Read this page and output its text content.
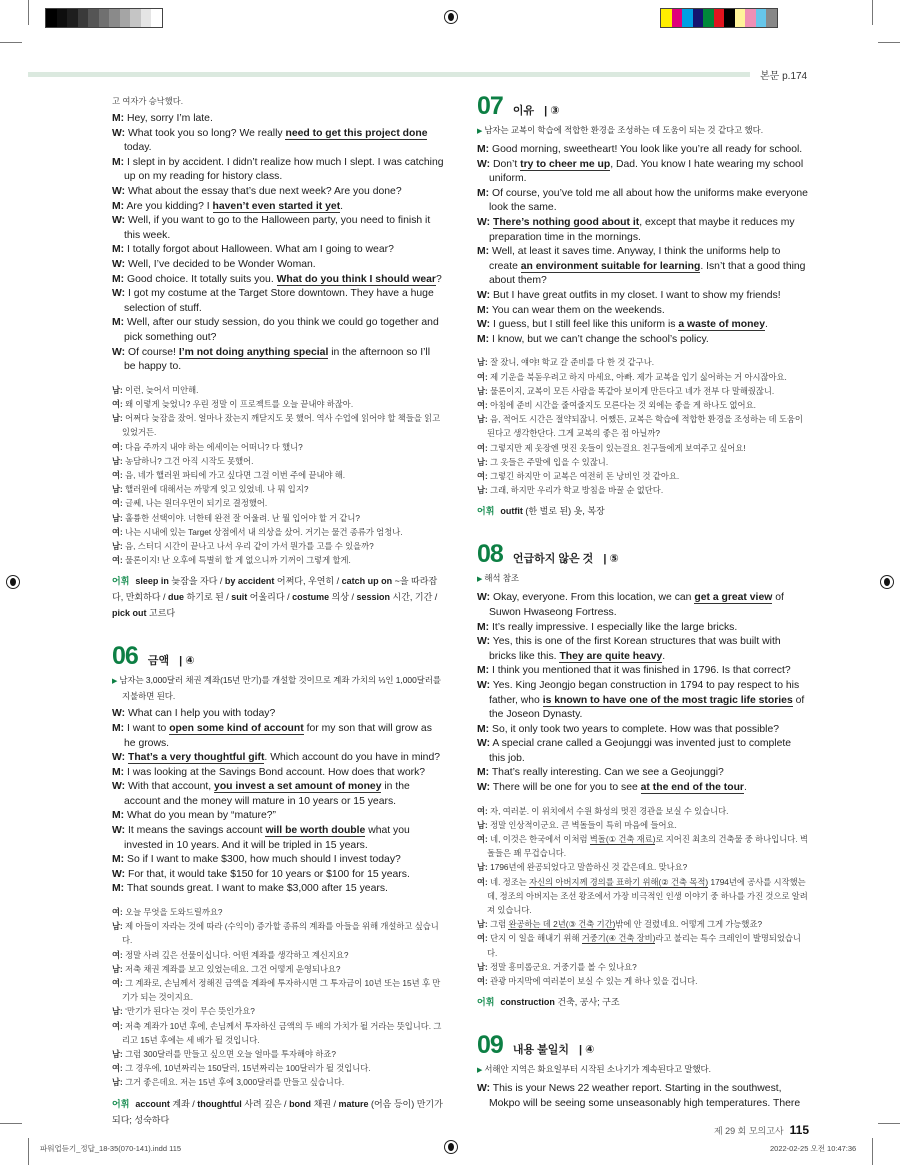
본문 p.174
고 여자가 승낙했다.
M: Hey, sorry I’m late.
W: What took you so long? We really need to get this project done today.
M: I slept in by accident. I didn’t realize how much I slept. I was catching up on my reading for history class.
W: What about the essay that’s due next week? Are you done?
M: Are you kidding? I haven’t even started it yet.
W: Well, if you want to go to the Halloween party, you need to finish it this week.
M: I totally forgot about Halloween. What am I going to wear?
W: Well, I’ve decided to be Wonder Woman.
M: Good choice. It totally suits you. What do you think I should wear?
W: I got my costume at the Target Store downtown. They have a huge selection of stuff.
M: Well, after our study session, do you think we could go together and pick something out?
W: Of course! I’m not doing anything special in the afternoon so I’ll be happy to.
남: 이런, 늦어서 미안해.
여: 왜 이렇게 늦었니? 우린 정말 이 프로젝트를 오늘 끝내야 하잖아.
남: 어쩌다 늦잠을 잤어. 얼마나 잤는지 깨닫지도 못 했어. 역사 수업에 읽어야 할 책들을 읽고 있었거든.
여: 다음 주까지 내야 하는 에세이는 어떠니? 다 했니?
남: 농담하니? 그건 아직 시작도 못했어.
여: 음, 네가 핼러윈 파티에 가고 싶다면 그걸 이번 주에 끝내야 해.
남: 핼러윈에 대해서는 까맣게 잊고 있었네. 나 뭐 입지?
여: 글쎄, 나는 원더우먼이 되기로 결정했어.
남: 훌륭한 선택이야. 너한테 완전 잘 어울려. 난 뭘 입어야 할 거 같니?
여: 나는 시내에 있는 Target 상점에서 내 의상을 샀어. 거기는 물건 종류가 엄청나.
남: 음, 스터디 시간이 끝나고 나서 우리 같이 가서 뭔가를 고를 수 있을까?
여: 물론이지! 난 오후에 특별히 할 게 없으니까 기꺼이 그렇게 할게.
어휘 sleep in 늦잠을 자다 / by accident 어쩌다, 우연히 / catch up on ~을 따라잡다, 만회하다 / due 하기로 된 / suit 어울리다 / costume 의상 / session 시간, 기간 / pick out 고르다
06 금액 | ④
▶ 남자는 3,000달러 채권 계좌(15년 만기)를 개설할 것이므로 계좌 가치의 ⅓인 1,000달러를 지불하면 된다.
W: What can I help you with today?
M: I want to open some kind of account for my son that will grow as he grows.
W: That’s a very thoughtful gift. Which account do you have in mind?
M: I was looking at the Savings Bond account. How does that work?
W: With that account, you invest a set amount of money in the account and the money will mature in 10 years or 15 years.
M: What do you mean by “mature?”
W: It means the savings account will be worth double what you invested in 10 years. And it will be tripled in 15 years.
M: So if I want to make $300, how much should I invest today?
W: For that, it would take $150 for 10 years or $100 for 15 years.
M: That sounds great. I want to make $3,000 after 15 years.
여: 오늘 무엇을 도와드릴까요?
남: 제 아들이 자라는 것에 따라 (수익이) 증가할 종류의 계좌를 아들을 위해 개설하고 싶습니다.
여: 정말 사려 깊은 선물이십니다. 어떤 계좌를 생각하고 계신지요?
남: 저축 채권 계좌를 보고 있었는데요. 그건 어떻게 운영되나요?
여: 그 계좌로, 손님께서 정해진 금액을 계좌에 투자하시면 그 투자금이 10년 또는 15년 후 만기가 되는 것이지요.
남: ‘만기가 된다’는 것이 무슨 뜻인가요?
여: 저축 계좌가 10년 후에, 손님께서 투자하신 금액의 두 배의 가치가 될 거라는 뜻입니다. 그리고 15년 후에는 세 배가 될 것입니다.
남: 그럼 300달러를 만들고 싶으면 오늘 얼마를 투자해야 하죠?
여: 그 경우에, 10년짜리는 150달러, 15년짜리는 100달러가 될 것입니다.
남: 그거 좋은데요. 저는 15년 후에 3,000달러를 만들고 싶습니다.
어휘 account 계좌 / thoughtful 사려 깊은 / bond 채권 / mature (어음 등이) 만기가 되다; 성숙하다
07 이유 | ③
▶ 남자는 교복이 학습에 적합한 환경을 조성하는 데 도움이 되는 것 같다고 했다.
M: Good morning, sweetheart! You look like you’re all ready for school.
W: Don’t try to cheer me up, Dad. You know I hate wearing my school uniform.
M: Of course, you’ve told me all about how the uniforms make everyone look the same.
W: There’s nothing good about it, except that maybe it reduces my preparation time in the mornings.
M: Well, at least it saves time. Anyway, I think the uniforms help to create an environment suitable for learning. Isn’t that a good thing about them?
W: But I have great outfits in my closet. I want to show my friends!
M: You can wear them on the weekends.
W: I guess, but I still feel like this uniform is a waste of money.
M: I know, but we can’t change the school’s policy.
남: 잘 잤니, 얘야! 학교 갈 준비를 다 한 것 같구나.
여: 제 기운을 북돋우려고 하지 마세요, 아빠. 제가 교복을 입기 싫어하는 거 아시잖아요.
남: 물론이지, 교복이 모든 사람을 똑같아 보이게 만든다고 네가 전부 다 말해줬잖니.
여: 아침에 준비 시간을 줄여줄지도 모른다는 것 외에는 좋을 게 하나도 없어요.
남: 음, 적어도 시간은 절약되잖니. 어쨌든, 교복은 학습에 적합한 환경을 조성하는 데 도움이 된다고 생각한단다. 그게 교복의 좋은 점 아닐까?
여: 그렇지만 제 옷장엔 멋진 옷들이 있는걸요. 친구들에게 보여주고 싶어요!
남: 그 옷들은 주말에 입을 수 있잖니.
여: 그렇긴 하지만 이 교복은 여전히 돈 낭비인 것 같아요.
남: 그래, 하지만 우리가 학교 방침을 바꿀 순 없단다.
어휘 outfit (한 벌로 된) 옷, 복장
08 언급하지 않은 것 | ⑤
▶ 해석 참조
W: Okay, everyone. From this location, we can get a great view of Suwon Hwaseong Fortress.
M: It’s really impressive. I especially like the large bricks.
W: Yes, this is one of the first Korean structures that was built with bricks like this. They are quite heavy.
M: I think you mentioned that it was finished in 1796. Is that correct?
W: Yes. King Jeongjo began construction in 1794 to pay respect to his father, who is known to have one of the most tragic life stories of the Joseon Dynasty.
M: So, it only took two years to complete. How was that possible?
W: A special crane called a Geojunggi was invented just to complete this job.
M: That’s really interesting. Can we see a Geojunggi?
W: There will be one for you to see at the end of the tour.
여: 자, 여러분. 이 위치에서 수원 화성의 멋진 경관을 보실 수 있습니다.
남: 정말 인상적이군요. 큰 벽돌들이 특히 마음에 들어요.
여: 네, 이것은 한국에서 이처럼 벽돌(① 건축 재료)로 지어진 최초의 건축물 중 하나입니다. 벽돌들은 꽤 무겁습니다.
남: 1796년에 완공되었다고 말씀하신 것 같은데요. 맞나요?
여: 네. 정조는 자신의 아버지께 경의를 표하기 위해(② 건축 목적) 1794년에 공사를 시작했는데, 정조의 아버지는 조선 왕조에서 가장 비극적인 인생 이야기 중 하나를 가진 것으로 알려져 있습니다.
남: 그럼 완공하는 데 2년(③ 건축 기간)밖에 안 걸렸네요. 어떻게 그게 가능했죠?
여: 단지 이 일을 해내기 위해 거중기(④ 건축 장비)라고 불리는 특수 크레인이 발명되었습니다.
남: 정말 흥미롭군요. 거중기를 볼 수 있나요?
여: 관광 마지막에 여러분이 보실 수 있는 게 하나 있을 겁니다.
어휘 construction 건축, 공사; 구조
09 내용 불일치 | ④
▶ 서해안 지역은 화요일부터 시작된 소나기가 계속된다고 말했다.
W: This is your News 22 weather report. Starting in the southwest, Mokpo will be seeing some unseasonably high temperatures. There
제 29 회 모의고사 115
파워업듣기_정답_18-35(070-141).indd 115	2022-02-25 오전 10:47:36
